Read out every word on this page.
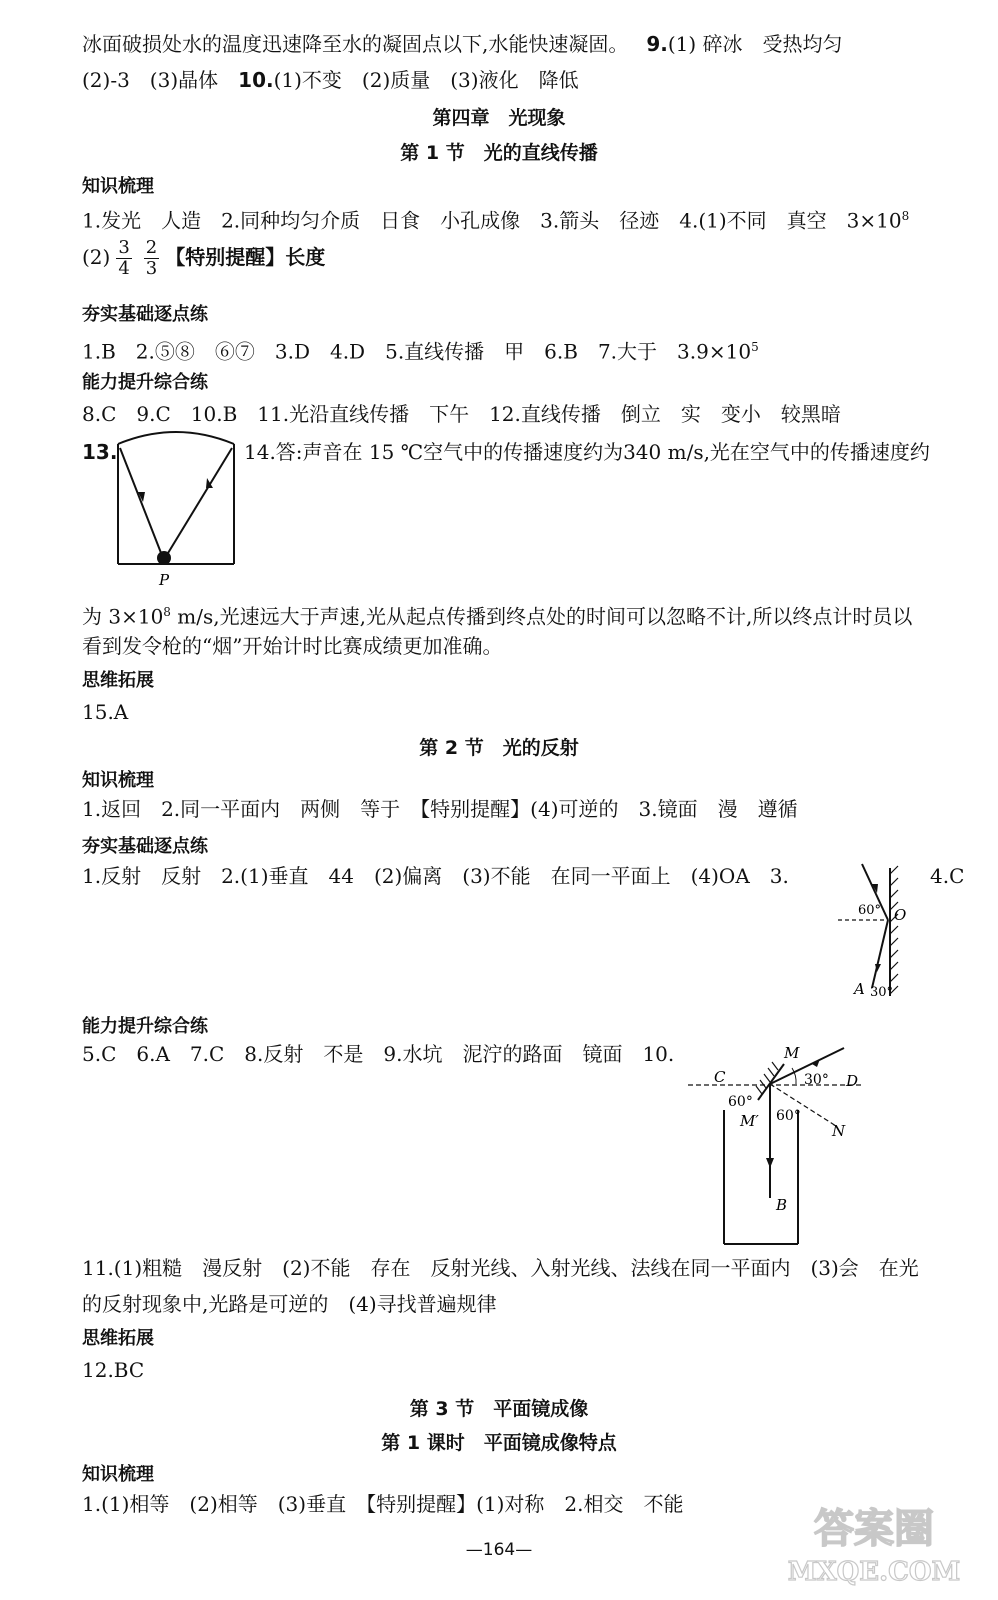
冰面破损处水的温度迅速降至水的凝固点以下,水能快速凝固。 9.(1) 碎冰　受热均匀
(2)-3　(3)晶体　10.(1)不变　(2)质量　(3)液化　降低
第四章　光现象
第 1 节　光的直线传播
知识梳理
1.发光　人造　2.同种均匀介质　日食　小孔成像　3.箭头　径迹　4.(1)不同　真空　$3\times 10^8$
$(2) \frac{3}{4} \frac{2}{3}$ 【特别提醒】长度
夯实基础逐点练
1.B　2.⑤⑧　⑥⑦　3.D　4.D　5.直线传播　甲　6.B　7.大于　$3.9\times 10^5$
能力提升综合练
8.C　9.C　10.B　11.光沿直线传播　下午　12.直线传播　倒立　实　变小　较黑暗
13.
P
14.答:声音在 15 ℃空气中的传播速度约为340 m/s,光在空气中的传播速度约
为 $3\times 10^8$ m/s,光速远大于声速,光从起点传播到终点处的时间可以忽略不计,所以终点计时员以
看到发令枪的“烟”开始计时比赛成绩更加准确。
思维拓展
15.A
第 2 节　光的反射
知识梳理
1.返回　2.同一平面内　两侧　等于　【特别提醒】(4)可逆的　3.镜面　漫　遵循
夯实基础逐点练
1.反射　反射　2.(1)垂直　44　(2)偏离　(3)不能　在同一平面上　(4)OA　3.	4.C
60° O
A 30°
能力提升综合练
5.C　6.A　7.C　8.反射　不是　9.水坑　泥泞的路面　镜面　10.	M
C	D
30°
60°
60°
M′
N
B
11.(1)粗糙　漫反射　(2)不能　存在　反射光线、入射光线、法线在同一平面内　(3)会　在光
的反射现象中,光路是可逆的　(4)寻找普遍规律
思维拓展
12.BC
第 3 节　平面镜成像
第 1 课时　平面镜成像特点
知识梳理
1.(1)相等　(2)相等　(3)垂直　【特别提醒】(1)对称　2.相交　不能
—164—	答案圈
MXQE.COM
